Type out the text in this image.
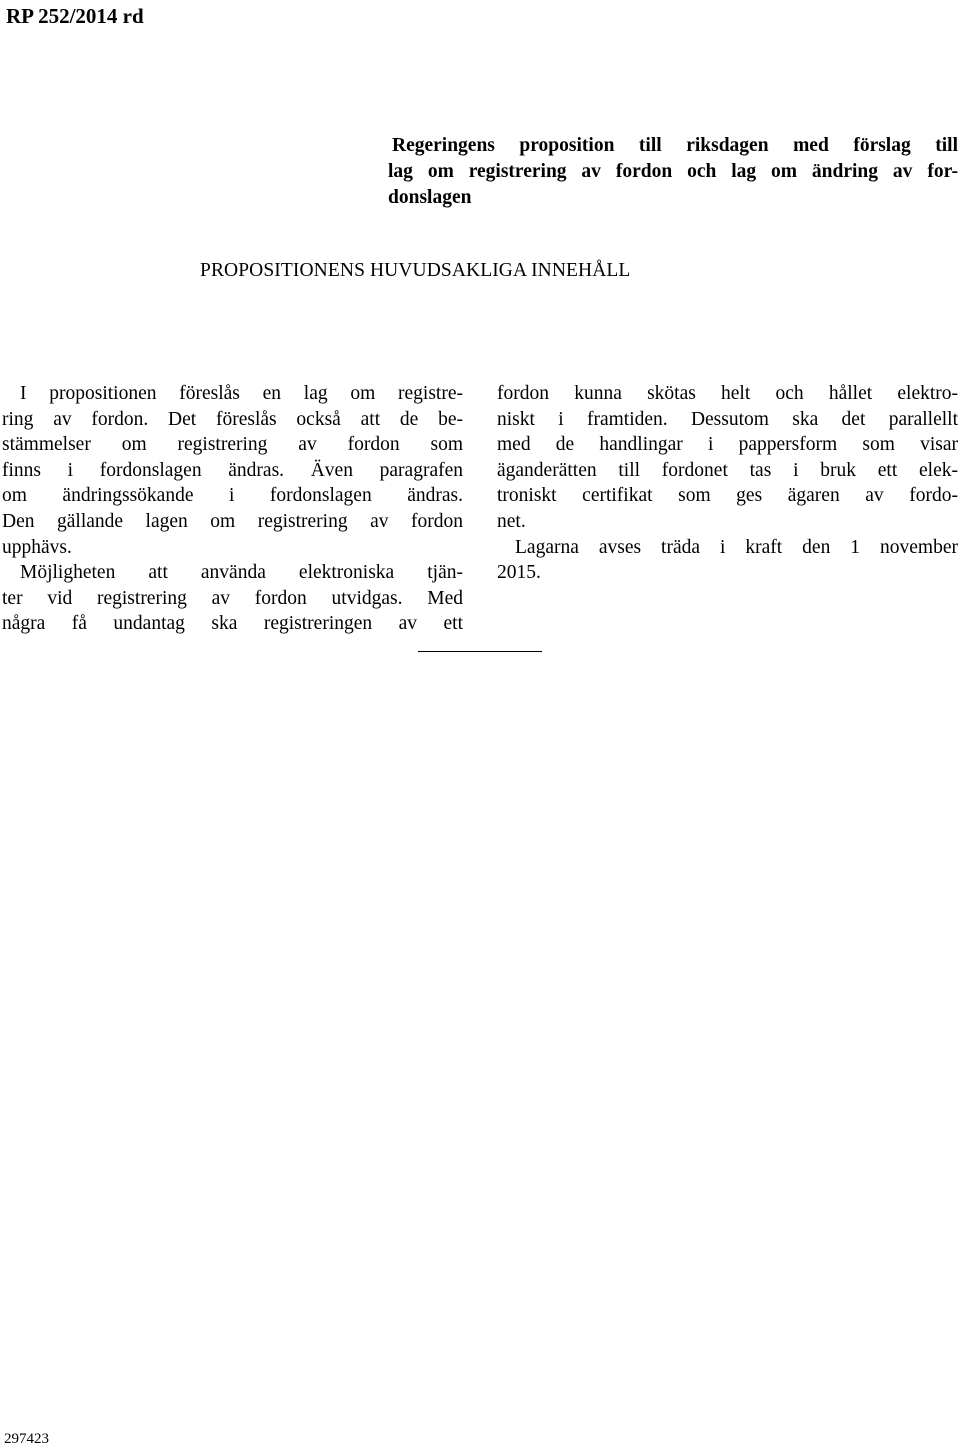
RP 252/2014 rd
Regeringens proposition till riksdagen med förslag till
lag om registrering av fordon och lag om ändring av for-
donslagen
PROPOSITIONENS HUVUDSAKLIGA INNEHÅLL

I propositionen föreslås en lag om registre-
ring av fordon. Det föreslås också att de be-
stämmelser om registrering av fordon som
finns i fordonslagen ändras. Även paragrafen
om ändringssökande i fordonslagen ändras.
Den gällande lagen om registrering av fordon
upphävs.

Möjligheten att använda elektroniska tjän-
ter vid registrering av fordon utvidgas. Med
några få undantag ska registreringen av ett

fordon kunna skötas helt och hållet elektro-
niskt i framtiden. Dessutom ska det parallellt
med de handlingar i pappersform som visar
äganderätten till fordonet tas i bruk ett elek-
troniskt certifikat som ges ägaren av fordo-
net.

Lagarna avses träda i kraft den 1 november
2015.

297423
